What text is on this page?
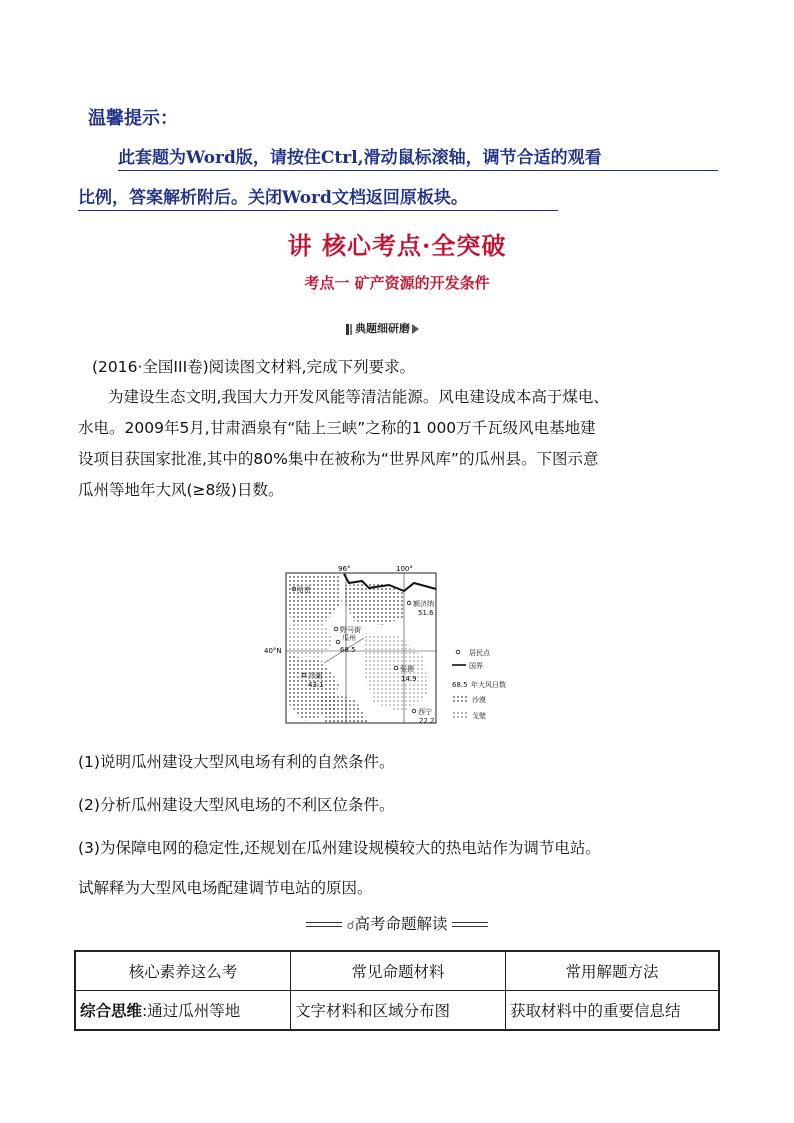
温馨提示：
此套题为Word版，请按住Ctrl,滑动鼠标滚轴，调节合适的观看
比例，答案解析附后。关闭Word文档返回原板块。
讲 核心考点·全突破
考点一 矿产资源的开发条件
典题细研磨
(2016·全国III卷)阅读图文材料,完成下列要求。

为建设生态文明,我国大力开发风能等清洁能源。风电建设成本高于煤电、

水电。2009年5月,甘肃酒泉有“陆上三峡”之称的1 000万千瓦级风电基地建

设项目获国家批准,其中的80%集中在被称为“世界风库”的瓜州县。下图示意

瓜州等地年大风(≥8级)日数。

96°	100°
40°N
哈密
额济纳
51.6
野马街
瓜州
68.5
冷湖
43.1
张掖
14.9
西宁
22.2
居民点
国界
68.5 年大风日数
沙漠
戈壁
(1)说明瓜州建设大型风电场有利的自然条件。
(2)分析瓜州建设大型风电场的不利区位条件。
(3)为保障电网的稳定性,还规划在瓜州建设规模较大的热电站作为调节电站。
试解释为大型风电场配建调节电站的原因。
☌高考命题解读
核心素养这么考	常见命题材料	常用解题方法
综合思维:通过瓜州等地	文字材料和区域分布图	获取材料中的重要信息结
